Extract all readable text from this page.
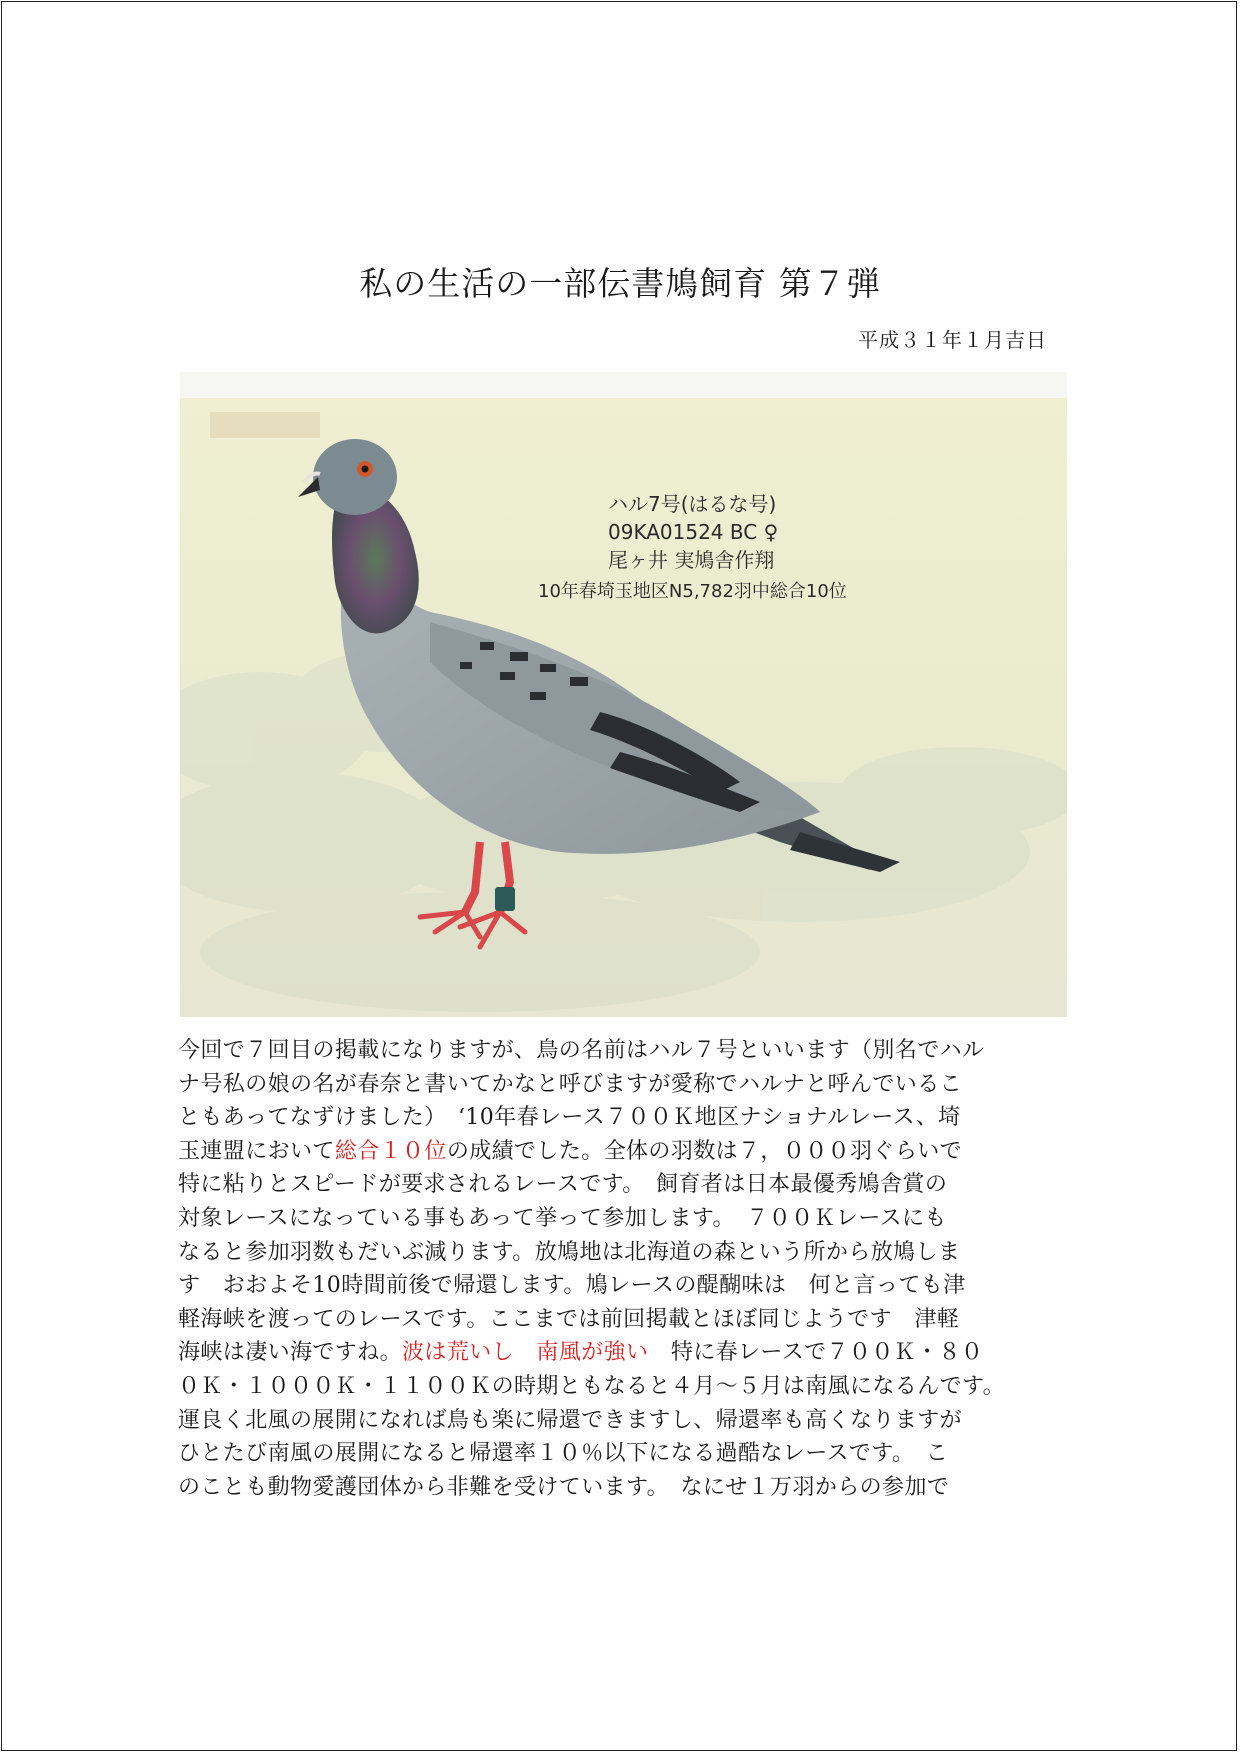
私の生活の一部伝書鳩飼育 第７弾
平成３１年１月吉日
ハル7号(はるな号)
09KA01524 BC ♀
尾ヶ井 実鳩舎作翔
10年春埼玉地区N5,782羽中総合10位
今回で７回目の掲載になりますが、鳥の名前はハル７号といいます（別名でハル
ナ号私の娘の名が春奈と書いてかなと呼びますが愛称でハルナと呼んでいるこ
ともあってなずけました）　‘10年春レース７００Ｋ地区ナショナルレース、埼
玉連盟において総合１０位の成績でした。全体の羽数は７，０００羽ぐらいで
特に粘りとスピードが要求されるレースです。　飼育者は日本最優秀鳩舎賞の
対象レースになっている事もあって挙って参加します。　７００Ｋレースにも
なると参加羽数もだいぶ減ります。放鳩地は北海道の森という所から放鳩しま
す　おおよそ10時間前後で帰還します。鳩レースの醍醐味は　何と言っても津
軽海峡を渡ってのレースです。ここまでは前回掲載とほぼ同じようです　津軽
海峡は凄い海ですね。波は荒いし　南風が強い　特に春レースで７００Ｋ・８０
０Ｋ・１０００Ｋ・１１００Ｋの時期ともなると４月～５月は南風になるんです。
運良く北風の展開になれば鳥も楽に帰還できますし、帰還率も高くなりますが
ひとたび南風の展開になると帰還率１０％以下になる過酷なレースです。　こ
のことも動物愛護団体から非難を受けています。　なにせ１万羽からの参加で
